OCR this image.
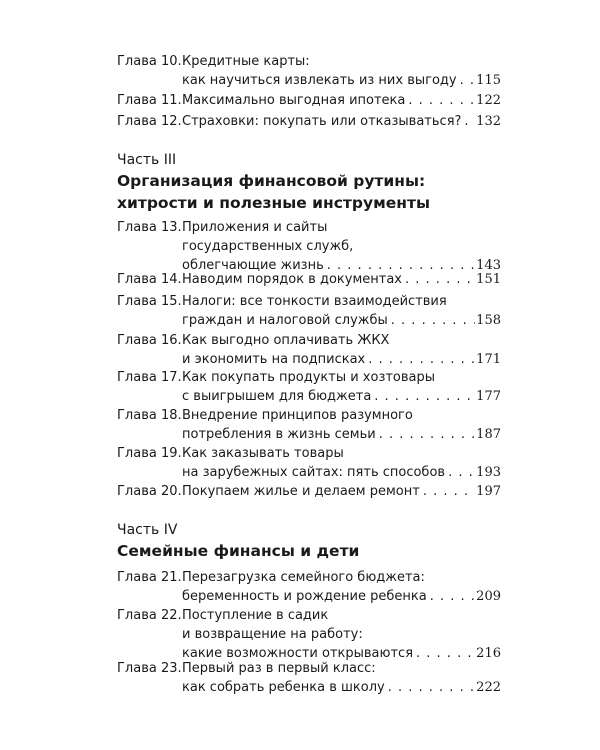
Глава 10. Кредитные карты:
как научиться извлекать из них выгоду . . . 115
Глава 11. Максимально выгодная ипотека . . .	122
Глава 12. Страховки: покупать или отказываться? . . . 132
Часть III
Организация финансовой рутины:
хитрости и полезные инструменты
Глава 13. Приложения и сайты
государственных служб,
облегчающие жизнь . . .	143
Глава 14. Наводим порядок в документах . . .	151
Глава 15. Налоги: все тонкости взаимодействия
граждан и налоговой службы . . .	158
Глава 16. Как выгодно оплачивать ЖКХ
и экономить на подписках . . .	171
Глава 17. Как покупать продукты и хозтовары
с выигрышем для бюджета . . .	177
Глава 18. Внедрение принципов разумного
потребления в жизнь семьи . . .	187
Глава 19. Как заказывать товары
на зарубежных сайтах: пять способов . . . 193
Глава 20. Покупаем жилье и делаем ремонт . . .	197
Часть IV
Семейные финансы и дети
Глава 21. Перезагрузка семейного бюджета:
беременность и рождение ребенка . . .	209
Глава 22. Поступление в садик
и возвращение на работу:
какие возможности открываются . . .	216
Глава 23. Первый раз в первый класс:
как собрать ребенка в школу . . .	222
